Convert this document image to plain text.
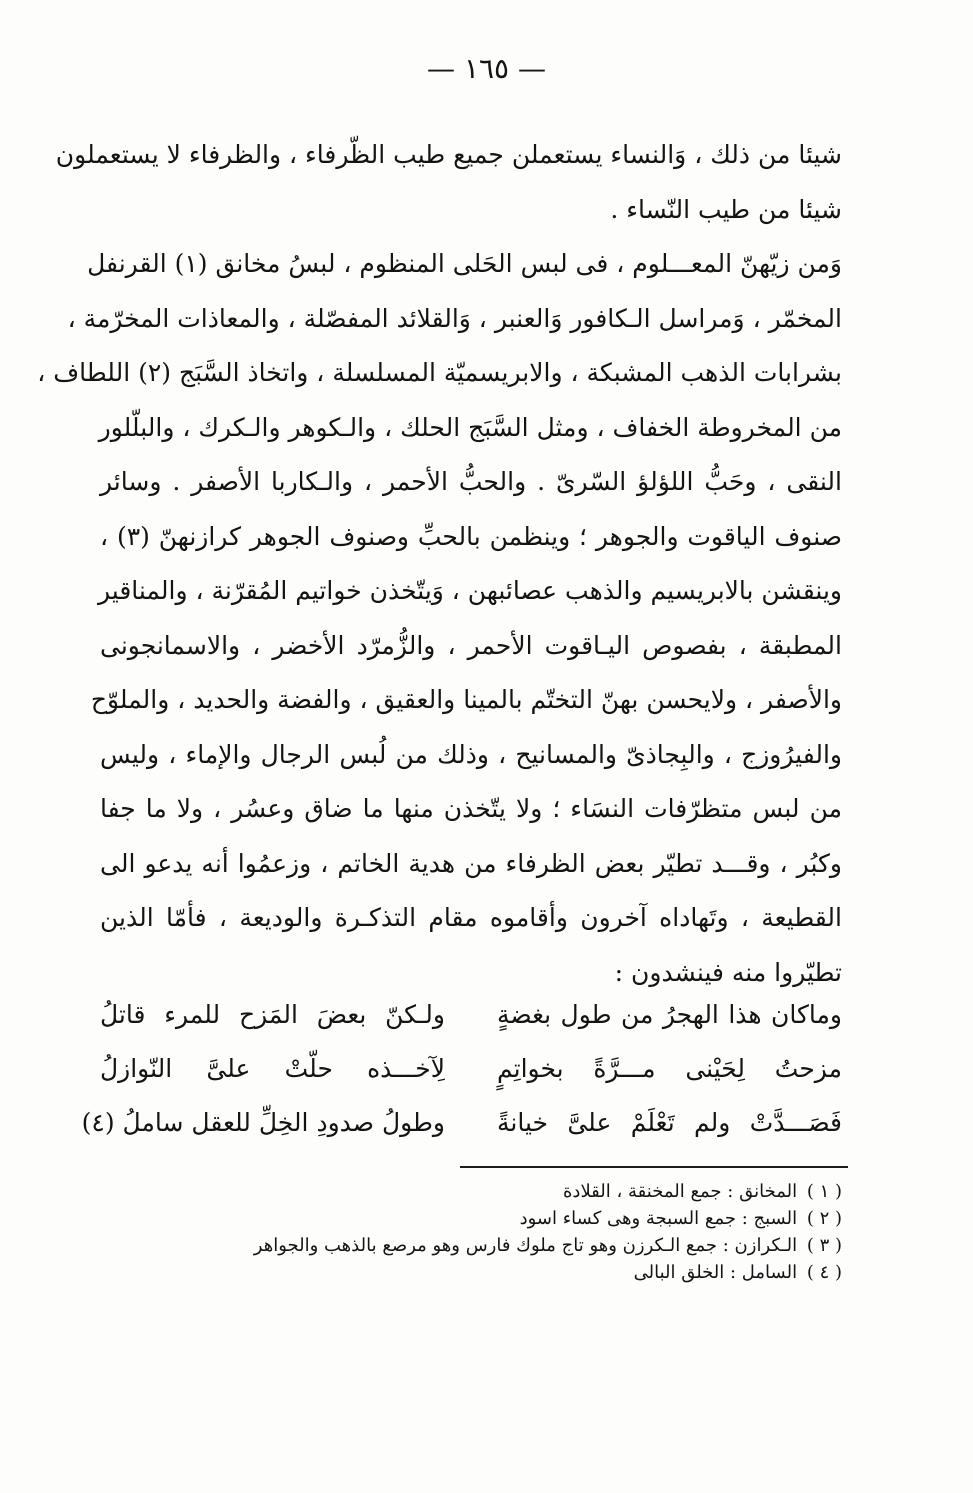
— ١٦٥ —
شيئا من ذلك ، وَالنساء يستعملن جميع طيب الظّرفاء ، والظرفاء لا يستعملون
شيئا من طيب النّساء .
وَمن زيّهنّ المعـــلوم ، فى لبس الحَلى المنظوم ، لبسُ مخانق (١) القرنفل
المخمّر ، وَمراسل الـكافور وَالعنبر ، وَالقلائد المفصّلة ، والمعاذات المخرّمة ،
بشرابات الذهب المشبكة ، والابريسميّة المسلسلة ، واتخاذ السَّبَج (٢) اللطاف ،
من المخروطة الخفاف ، ومثل السَّبَج الحلك ، والـكوهر والـكرك ، والبلّلور
النقى ، وحَبُّ اللؤلؤ السّرىّ . والحبُّ الأحمر ، والـكاربا الأصفر . وسائر
صنوف الياقوت والجوهر ؛ وينظمن بالحبِّ وصنوف الجوهر كرازنهنّ (٣) ،
وينقشن بالابريسيم والذهب عصائبهن ، وَيتّخذن خواتيم المُقرّنة ، والمناقير
المطبقة ، بفصوص اليـاقوت الأحمر ، والزُّمرّد الأخضر ، والاسمانجونى
والأصفر ، ولايحسن بهنّ التختّم بالمينا والعقيق ، والفضة والحديد ، والملوّح
والفيرُوزج ، والبِجاذىّ والمسانيح ، وذلك من لُبس الرجال والإماء ، وليس
من لبس متظرّفات النسَاء ؛ ولا يتّخذن منها ما ضاق وعسُر ، ولا ما جفا
وكبُر ، وقـــد تطيّر بعض الظرفاء من هدية الخاتم ، وزعمُوا أنه يدعو الى
القطيعة ، وتَهاداه آخرون وأقاموه مقام التذكـرة والوديعة ، فأمّا الذين
تطيّروا منه فينشدون :
وماكان هذا الهجرُ من طول بغضةٍ
ولـكنّ بعضَ المَزح للمرء قاتلُ
مزحتُ لِحَيْنى مـــرَّةً بخواتِمٍ
لِآخـــذه حلّتْ علىَّ النّوازلُ
فَصَـــدَّتْ ولم تَعْلَمْ علىَّ خيانةً
وطولُ صدودِ الخِلِّ للعقل ساملُ (٤)
( ١ ) المخانق : جمع المخنقة ، القلادة
( ٢ ) السبج : جمع السبجة وهى كساء اسود
( ٣ ) الـكرازن : جمع الـكرزن وهو تاج ملوك فارس وهو مرصع بالذهب والجواهر
( ٤ ) السامل : الخلق البالى
